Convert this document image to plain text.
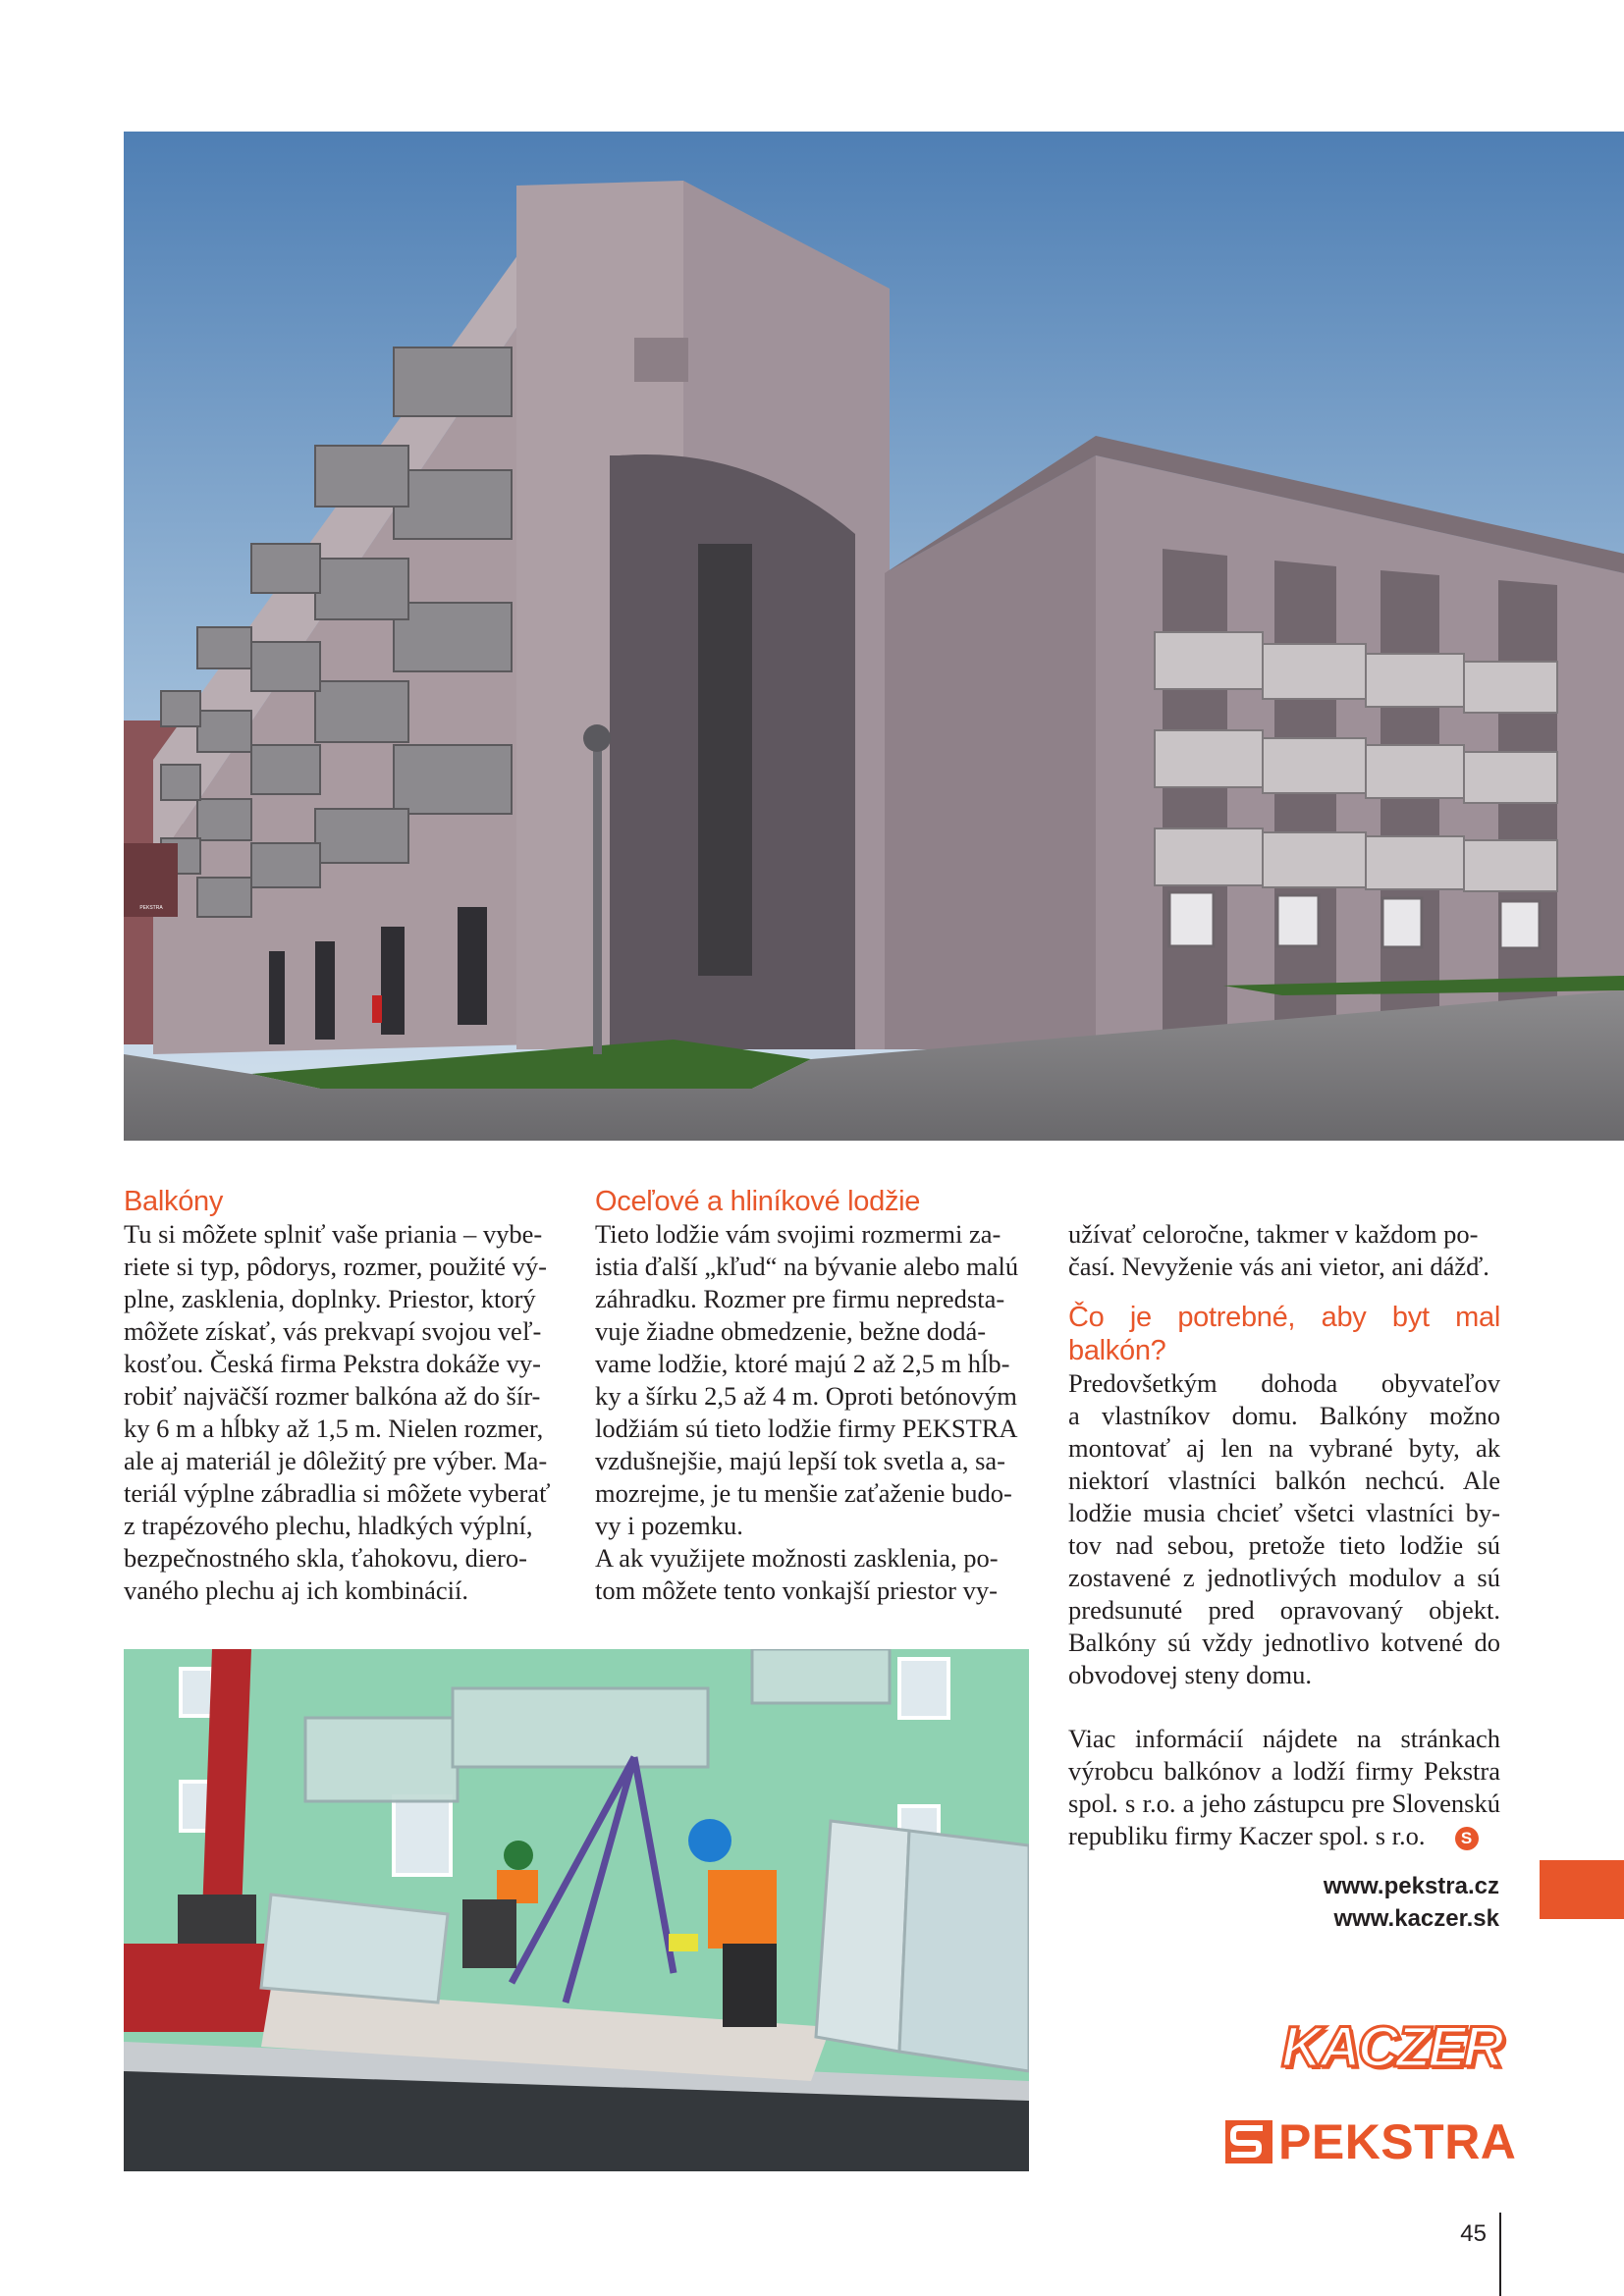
PEKSTRA

Balkóny

Tu si môžete splniť vaše priania – vybe-

riete si typ, pôdorys, rozmer, použité vý-

plne, zasklenia, doplnky. Priestor, ktorý

môžete získať, vás prekvapí svojou veľ-

kosťou. Česká firma Pekstra dokáže vy-

robiť najväčší rozmer balkóna až do šír-

ky 6 m a hĺbky až 1,5 m. Nielen rozmer,

ale aj materiál je dôležitý pre výber. Ma-

teriál výplne zábradlia si môžete vyberať

z trapézového plechu, hladkých výplní,

bezpečnostného skla, ťahokovu, diero-

vaného plechu aj ich kombinácií.

Oceľové a hliníkové lodžie

Tieto lodžie vám svojimi rozmermi za-

istia ďalší „kľud“ na bývanie alebo malú

záhradku. Rozmer pre firmu nepredsta-

vuje žiadne obmedzenie, bežne dodá-

vame lodžie, ktoré majú 2 až 2,5 m hĺb-

ky a šírku 2,5 až 4 m. Oproti betónovým

lodžiám sú tieto lodžie firmy PEKSTRA

vzdušnejšie, majú lepší tok svetla a, sa-

mozrejme, je tu menšie zaťaženie budo-

vy i pozemku.

A ak využijete možnosti zasklenia, po-

tom môžete tento vonkajší priestor vy-

užívať celoročne, takmer v každom po-

časí. Nevyženie vás ani vietor, ani dážď.

Čo je potrebné, aby byt mal balkón?

Predovšetkým dohoda obyvateľov

a vlastníkov domu. Balkóny možno

montovať aj len na vybrané byty, ak

niektorí vlastníci balkón nechcú. Ale

lodžie musia chcieť všetci vlastníci by-

tov nad sebou, pretože tieto lodžie sú

zostavené z jednotlivých modulov a sú

predsunuté pred opravovaný objekt.

Balkóny sú vždy jednotlivo kotvené do

obvodovej steny domu.

Viac informácií nájdete na stránkach

výrobcu balkónov a lodží firmy Pekstra

spol. s r.o. a jeho zástupcu pre Slovenskú

republiku firmy Kaczer spol. s r.o. S

www.pekstra.cz
www.kaczer.sk
KACZER
PEKSTRA
45
